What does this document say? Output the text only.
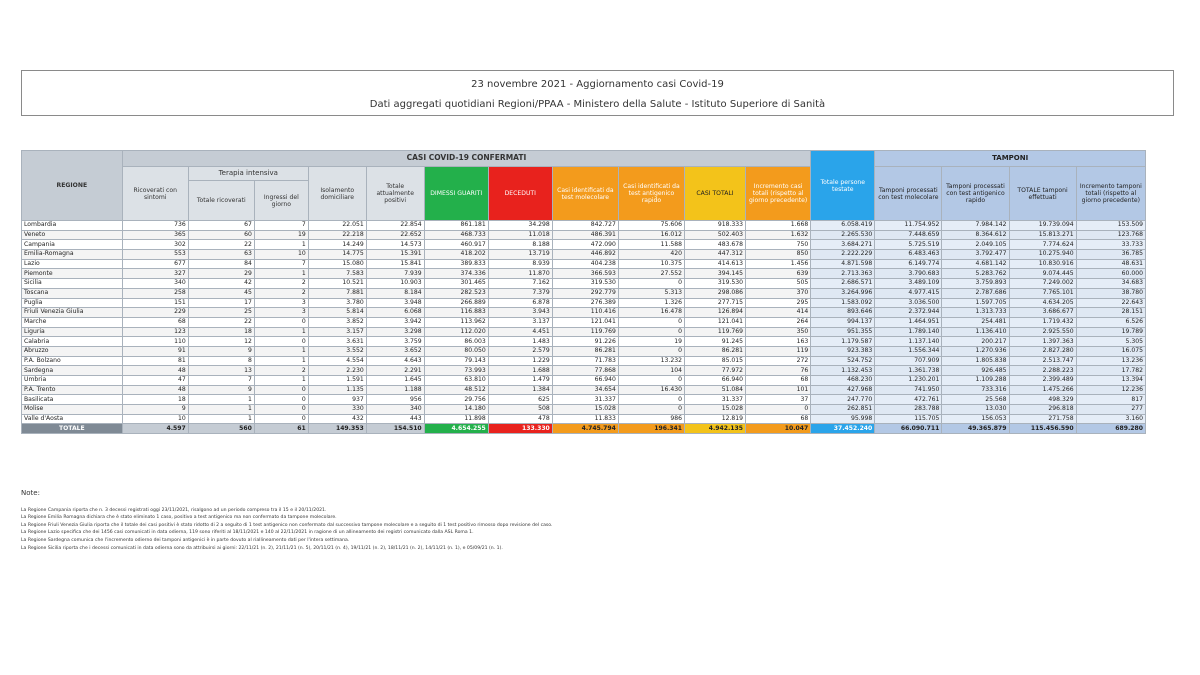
23 novembre 2021 - Aggiornamento casi Covid-19
Dati aggregati quotidiani Regioni/PPAA - Ministero della Salute - Istituto Superiore di Sanità
REGIONE	CASI COVID-19 CONFERMATI											Totale persone testate	TAMPONI			
	Ricoverati con sintomi	Terapia intensiva		Isolamento domiciliare	Totale attualmente positivi	DIMESSI GUARITI	DECEDUTI	Casi identificati da test molecolare	Casi identificati da test antigenico rapido	CASI TOTALI	Incremento casi totali (rispetto al giorno precedente)		Tamponi processati con test molecolare	Tamponi processati con test antigenico rapido	TOTALE tamponi effettuati	Incremento tamponi totali (rispetto al giorno precedente)
		Totale ricoverati	Ingressi del giorno													
Lombardia	736	67	7	22.051	22.854	861.181	34.298	842.727	75.606	918.333	1.668	6.058.419	11.754.952	7.984.142	19.739.094	153.509
Veneto	365	60	19	22.218	22.652	468.733	11.018	486.391	16.012	502.403	1.632	2.265.530	7.448.659	8.364.612	15.813.271	123.768
Campania	302	22	1	14.249	14.573	460.917	8.188	472.090	11.588	483.678	750	3.684.271	5.725.519	2.049.105	7.774.624	33.733
Emilia-Romagna	553	63	10	14.775	15.391	418.202	13.719	446.892	420	447.312	850	2.222.229	6.483.463	3.792.477	10.275.940	36.785
Lazio	677	84	7	15.080	15.841	389.833	8.939	404.238	10.375	414.613	1.456	4.871.598	6.149.774	4.681.142	10.830.916	48.631
Piemonte	327	29	1	7.583	7.939	374.336	11.870	366.593	27.552	394.145	639	2.713.363	3.790.683	5.283.762	9.074.445	60.000
Sicilia	340	42	2	10.521	10.903	301.465	7.162	319.530	0	319.530	505	2.686.571	3.489.109	3.759.893	7.249.002	34.683
Toscana	258	45	2	7.881	8.184	282.523	7.379	292.779	5.313	298.086	370	3.264.996	4.977.415	2.787.686	7.765.101	38.780
Puglia	151	17	3	3.780	3.948	266.889	6.878	276.389	1.326	277.715	295	1.583.092	3.036.500	1.597.705	4.634.205	22.643
Friuli Venezia Giulia	229	25	3	5.814	6.068	116.883	3.943	110.416	16.478	126.894	414	893.646	2.372.944	1.313.733	3.686.677	28.151
Marche	68	22	0	3.852	3.942	113.962	3.137	121.041	0	121.041	264	994.137	1.464.951	254.481	1.719.432	6.526
Liguria	123	18	1	3.157	3.298	112.020	4.451	119.769	0	119.769	350	951.355	1.789.140	1.136.410	2.925.550	19.789
Calabria	110	12	0	3.631	3.759	86.003	1.483	91.226	19	91.245	163	1.179.587	1.137.140	200.217	1.397.363	5.305
Abruzzo	91	9	1	3.552	3.652	80.050	2.579	86.281	0	86.281	119	923.383	1.556.344	1.270.936	2.827.280	16.075
P.A. Bolzano	81	8	1	4.554	4.643	79.143	1.229	71.783	13.232	85.015	272	524.752	707.909	1.805.838	2.513.747	13.236
Sardegna	48	13	2	2.230	2.291	73.993	1.688	77.868	104	77.972	76	1.132.453	1.361.738	926.485	2.288.223	17.782
Umbria	47	7	1	1.591	1.645	63.810	1.479	66.940	0	66.940	68	468.230	1.230.201	1.109.288	2.399.489	13.394
P.A. Trento	48	9	0	1.135	1.188	48.512	1.384	34.654	16.430	51.084	101	427.968	741.950	733.316	1.475.266	12.236
Basilicata	18	1	0	937	956	29.756	625	31.337	0	31.337	37	247.770	472.761	25.568	498.329	817
Molise	9	1	0	330	340	14.180	508	15.028	0	15.028	0	262.851	283.788	13.030	296.818	277
Valle d'Aosta	10	1	0	432	443	11.898	478	11.833	986	12.819	68	95.998	115.705	156.053	271.758	3.160
TOTALE	4.597	560	61	149.353	154.510	4.654.255	133.330	4.745.794	196.341	4.942.135	10.047	37.452.240	66.090.711	49.365.879	115.456.590	689.280
Note:
La Regione Campania riporta che n. 3 decessi registrati oggi 23/11/2021, risalgono ad un periodo compreso tra il 15 e il 20/11/2021.
La Regione Emilia Romagna dichiara che è stato eliminato 1 caso, positivo a test antigenico ma non confermato da tampone molecolare.
La Regione Friuli Venezia Giulia riporta che il totale dei casi positivi è stato ridotto di 2 a seguito di 1 test antigenico non confermato dal successivo tampone molecolare e a seguito di 1 test positivo rimosso dopo revisione del caso.
La Regione Lazio specifica che dei 1456 casi comunicati in data odierna, 119 sono riferiti al 18/11/2021 e 140 al 22/11/2021 in ragione di un allineamento dei registri comunicato dalla ASL Roma 1.
La Regione Sardegna comunica che l'incremento odierno dei tamponi antigenici è in parte dovuto al riallineamento dati per l'intera settimana.
La Regione Sicilia riporta che i decessi comunicati in data odierna sono da attribuirsi ai giorni: 22/11/21 (n. 2), 21/11/21 (n. 5), 20/11/21 (n. 4), 19/11/21 (n. 2), 18/11/21 (n. 2), 14/11/21 (n. 1), e 05/09/21 (n. 1).
